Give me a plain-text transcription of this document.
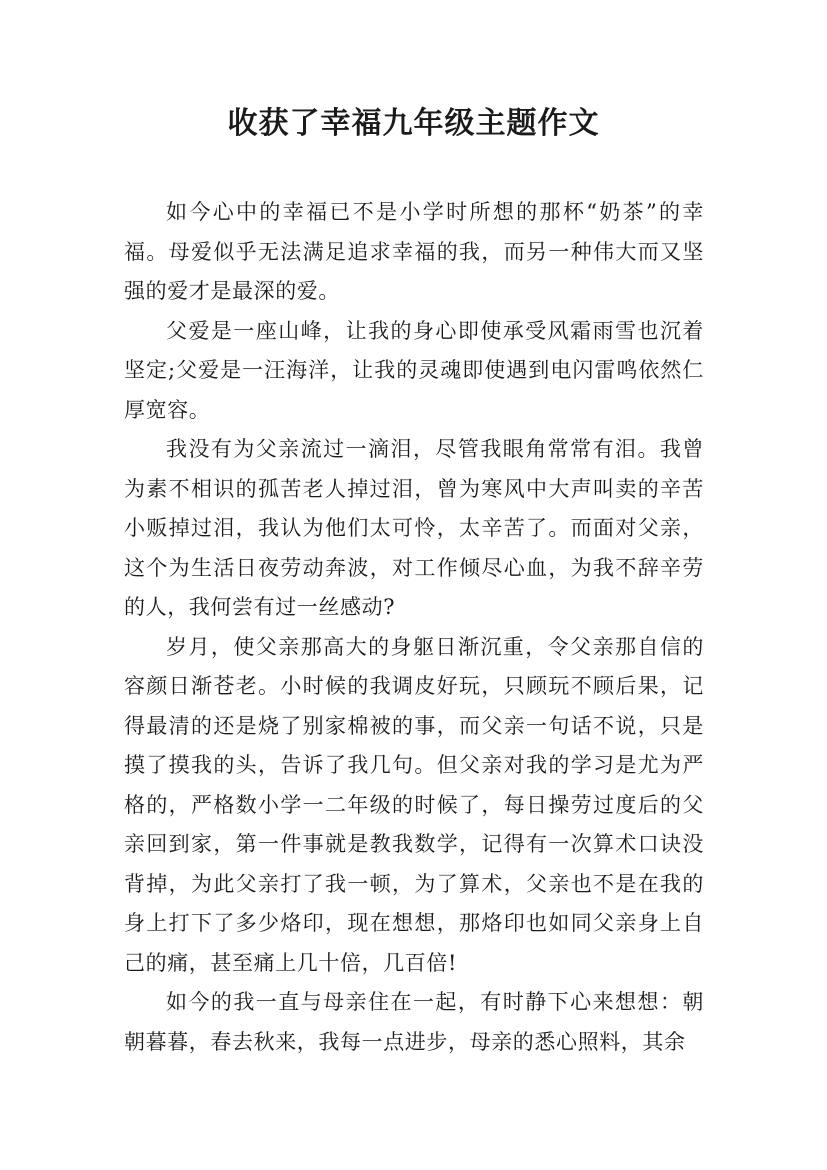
收获了幸福九年级主题作文

如今心中的幸福已不是小学时所想的那杯“奶茶”的幸福。母爱似乎无法满足追求幸福的我，而另一种伟大而又坚强的爱才是最深的爱。

父爱是一座山峰，让我的身心即使承受风霜雨雪也沉着坚定;父爱是一汪海洋，让我的灵魂即使遇到电闪雷鸣依然仁厚宽容。

我没有为父亲流过一滴泪，尽管我眼角常常有泪。我曾为素不相识的孤苦老人掉过泪，曾为寒风中大声叫卖的辛苦小贩掉过泪，我认为他们太可怜，太辛苦了。而面对父亲，这个为生活日夜劳动奔波，对工作倾尽心血，为我不辞辛劳的人，我何尝有过一丝感动?

岁月，使父亲那高大的身躯日渐沉重，令父亲那自信的容颜日渐苍老。小时候的我调皮好玩，只顾玩不顾后果，记得最清的还是烧了别家棉被的事，而父亲一句话不说，只是摸了摸我的头，告诉了我几句。但父亲对我的学习是尤为严格的，严格数小学一二年级的时候了，每日操劳过度后的父亲回到家，第一件事就是教我数学，记得有一次算术口诀没背掉，为此父亲打了我一顿，为了算术，父亲也不是在我的身上打下了多少烙印，现在想想，那烙印也如同父亲身上自己的痛，甚至痛上几十倍，几百倍!

如今的我一直与母亲住在一起，有时静下心来想想：朝朝暮暮，春去秋来，我每一点进步，母亲的悉心照料，其余
